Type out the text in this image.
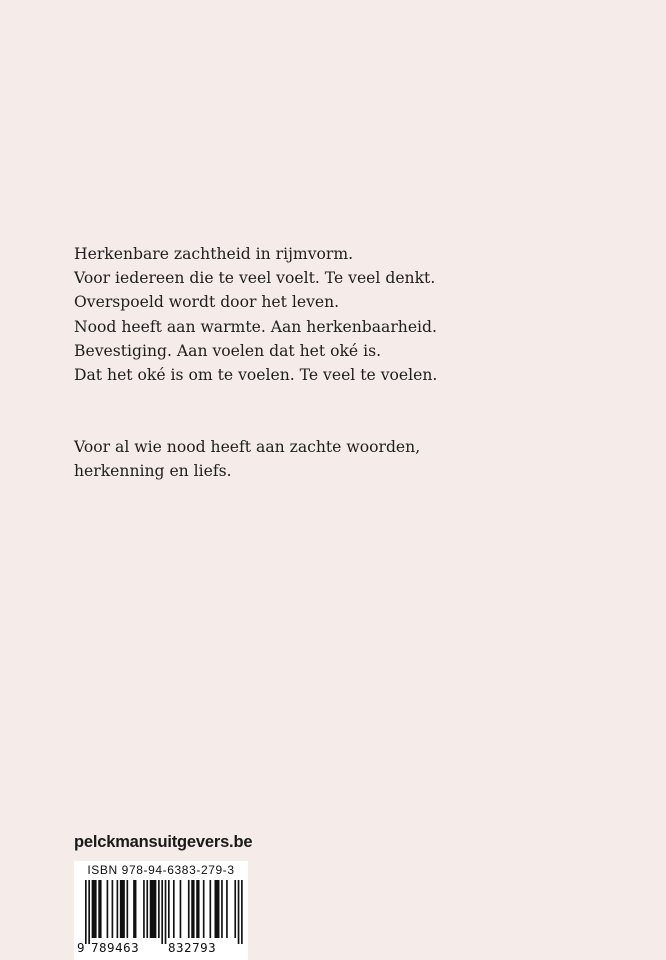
Herkenbare zachtheid in rijmvorm.
Voor iedereen die te veel voelt. Te veel denkt.
Overspoeld wordt door het leven.
Nood heeft aan warmte. Aan herkenbaarheid.
Bevestiging. Aan voelen dat het oké is.
Dat het oké is om te voelen. Te veel te voelen.

Voor al wie nood heeft aan zachte woorden,
herkenning en liefs.

pelckmansuitgevers.be
ISBN 978-94-6383-279-3
9 789463 832793
